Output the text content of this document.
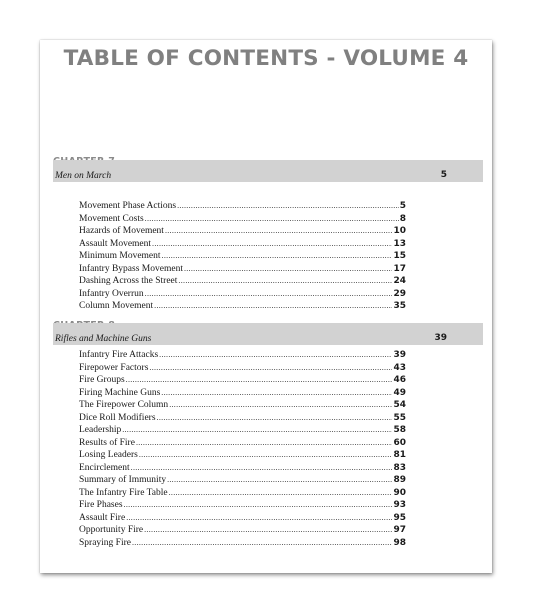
TABLE OF CONTENTS - VOLUME 4
Men on March	5
Movement Phase Actions .....	5
Movement Costs .....	8
Hazards of Movement .....	10
Assault Movement .....	13
Minimum Movement .....	15
Infantry Bypass Movement .....	17
Dashing Across the Street .....	24
Infantry Overrun .....	29
Column Movement .....	35
Rifles and Machine Guns	39
Infantry Fire Attacks .....	39
Firepower Factors .....	43
Fire Groups .....	46
Firing Machine Guns .....	49
The Firepower Column .....	54
Dice Roll Modifiers .....	55
Leadership .....	58
Results of Fire .....	60
Losing Leaders .....	81
Encirclement .....	83
Summary of Immunity .....	89
The Infantry Fire Table .....	90
Fire Phases .....	93
Assault Fire .....	95
Opportunity Fire .....	97
Spraying Fire .....	98
